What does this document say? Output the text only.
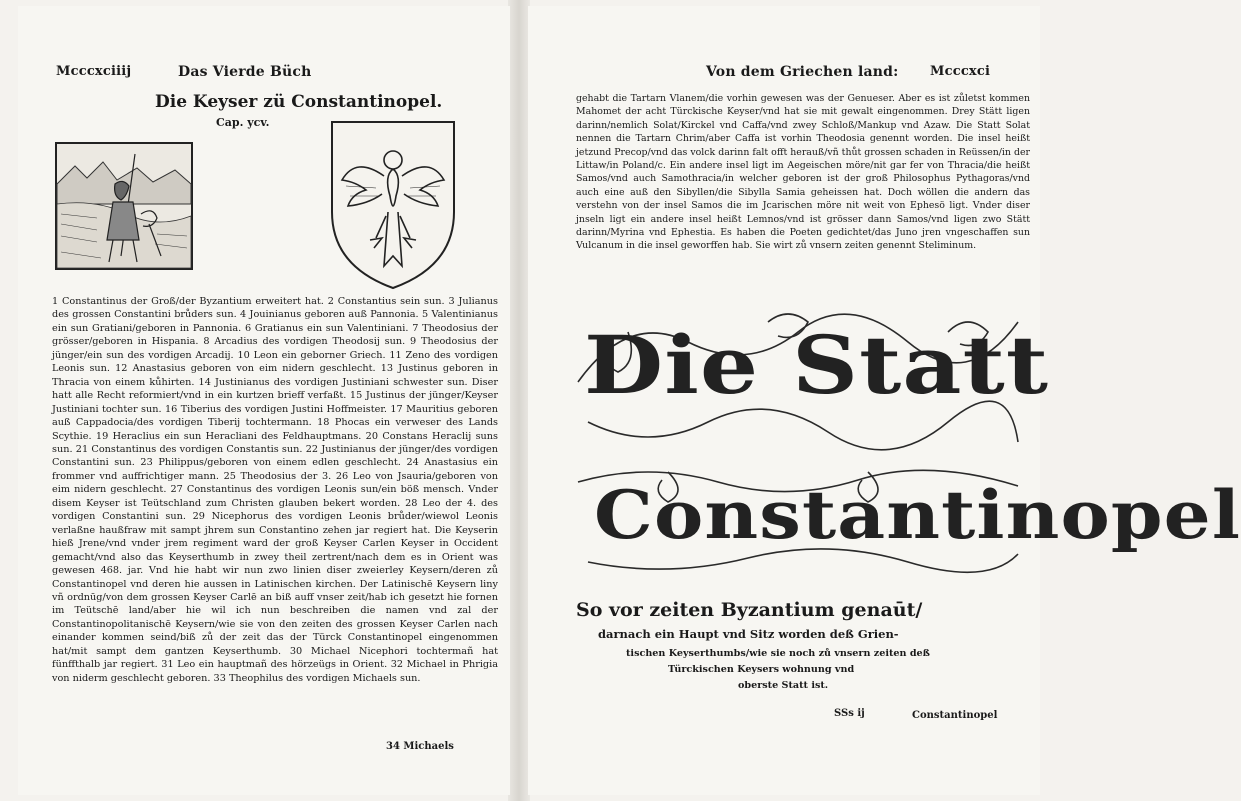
Mcccxciiij	Das Vierde Büch
Die Keyser zü Constantinopel.
Cap. ycv.
1 Constantinus der Groß/der Byzantium erweitert hat. 2 Constantius sein sun. 3 Julianus des grossen Constantini brůders sun. 4 Jouinianus geboren auß Pannonia. 5 Valentinianus ein sun Gratiani/geboren in Pannonia. 6 Gratianus ein sun Valentiniani. 7 Theodosius der grösser/geboren in Hispania. 8 Arcadius des vordigen Theodosij sun. 9 Theodosius der jünger/ein sun des vordigen Arcadij. 10 Leon ein geborner Griech. 11 Zeno des vordigen Leonis sun. 12 Anastasius geboren von eim nidern geschlecht. 13 Justinus geboren in Thracia von einem kůhirten. 14 Justinianus des vordigen Justiniani schwester sun. Diser hatt alle Recht reformiert/vnd in ein kurtzen brieff verfaßt. 15 Justinus der jünger/Keyser Justiniani tochter sun. 16 Tiberius des vordigen Justini Hoffmeister. 17 Mauritius geboren auß Cappadocia/des vordigen Tiberij tochtermann. 18 Phocas ein verweser des Lands Scythie. 19 Heraclius ein sun Heracliani des Feldhauptmans. 20 Constans Heraclij suns sun. 21 Constantinus des vordigen Constantis sun. 22 Justinianus der jünger/des vordigen Constantini sun. 23 Philippus/geboren von einem edlen geschlecht. 24 Anastasius ein frommer vnd auffrichtiger mann. 25 Theodosius der 3. 26 Leo von Jsauria/geboren von eim nidern geschlecht. 27 Constantinus des vordigen Leonis sun/ein böß mensch. Vnder disem Keyser ist Teütschland zum Christen glauben bekert worden. 28 Leo der 4. des vordigen Constantini sun. 29 Nicephorus des vordigen Leonis brůder/wiewol Leonis verlaßne haußfraw mit sampt jhrem sun Constantino zehen jar regiert hat. Die Keyserin hieß Jrene/vnd vnder jrem regiment ward der groß Keyser Carlen Keyser in Occident gemacht/vnd also das Keyserthumb in zwey theil zertrent/nach dem es in Orient was gewesen 468. jar. Vnd hie habt wir nun zwo linien diser zweierley Keysern/deren zů Constantinopel vnd deren hie aussen in Latinischen kirchen. Der Latinischē Keysern liny vñ ordnūg/von dem grossen Keyser Carlē an biß auff vnser zeit/hab ich gesetzt hie fornen im Teütschē land/aber hie wil ich nun beschreiben die namen vnd zal der Constantinopolitanischē Keysern/wie sie von den zeiten des grossen Keyser Carlen nach einander kommen seind/biß zů der zeit das der Türck Constantinopel eingenommen hat/mit sampt dem gantzen Keyserthumb. 30 Michael Nicephori tochtermañ hat fünffthalb jar regiert. 31 Leo ein hauptmañ des hörzeügs in Orient. 32 Michael in Phrigia von niderm geschlecht geboren. 33 Theophilus des vordigen Michaels sun.
34 Michaels
Von dem Griechen land: Mcccxci
gehabt die Tartarn Vlanem/die vorhin gewesen was der Genueser. Aber es ist zůletst kommen Mahomet der acht Türckische Keyser/vnd hat sie mit gewalt eingenommen. Drey Stätt ligen darinn/nemlich Solat/Kirckel vnd Caffa/vnd zwey Schloß/Mankup vnd Azaw. Die Statt Solat nennen die Tartarn Chrim/aber Caffa ist vorhin Theodosia genennt worden. Die insel heißt jetzund Precop/vnd das volck darinn falt offt herauß/vñ thůt grossen schaden in Reüssen/in der Littaw/in Poland/c. Ein andere insel ligt im Aegeischen möre/nit gar fer von Thracia/die heißt Samos/vnd auch Samothracia/in welcher geboren ist der groß Philosophus Pythagoras/vnd auch eine auß den Sibyllen/die Sibylla Samia geheissen hat. Doch wöllen die andern das verstehn von der insel Samos die im Jcarischen möre nit weit von Ephesö ligt. Vnder diser jnseln ligt ein andere insel heißt Lemnos/vnd ist grösser dann Samos/vnd ligen zwo Stätt darinn/Myrina vnd Ephestia. Es haben die Poeten gedichtet/das Juno jren vngeschaffen sun Vulcanum in die insel geworffen hab. Sie wirt zů vnsern zeiten genennt Steliminum.
Die Statt
Constantinopel
So vor zeiten Byzantium genaūt/
darnach ein Haupt vnd Sitz worden deß Grien-
tischen Keyserthumbs/wie sie noch zů vnsern zeiten deß
Türckischen Keysers wohnung vnd
oberste Statt ist.
SSs ij	Constantinopel
